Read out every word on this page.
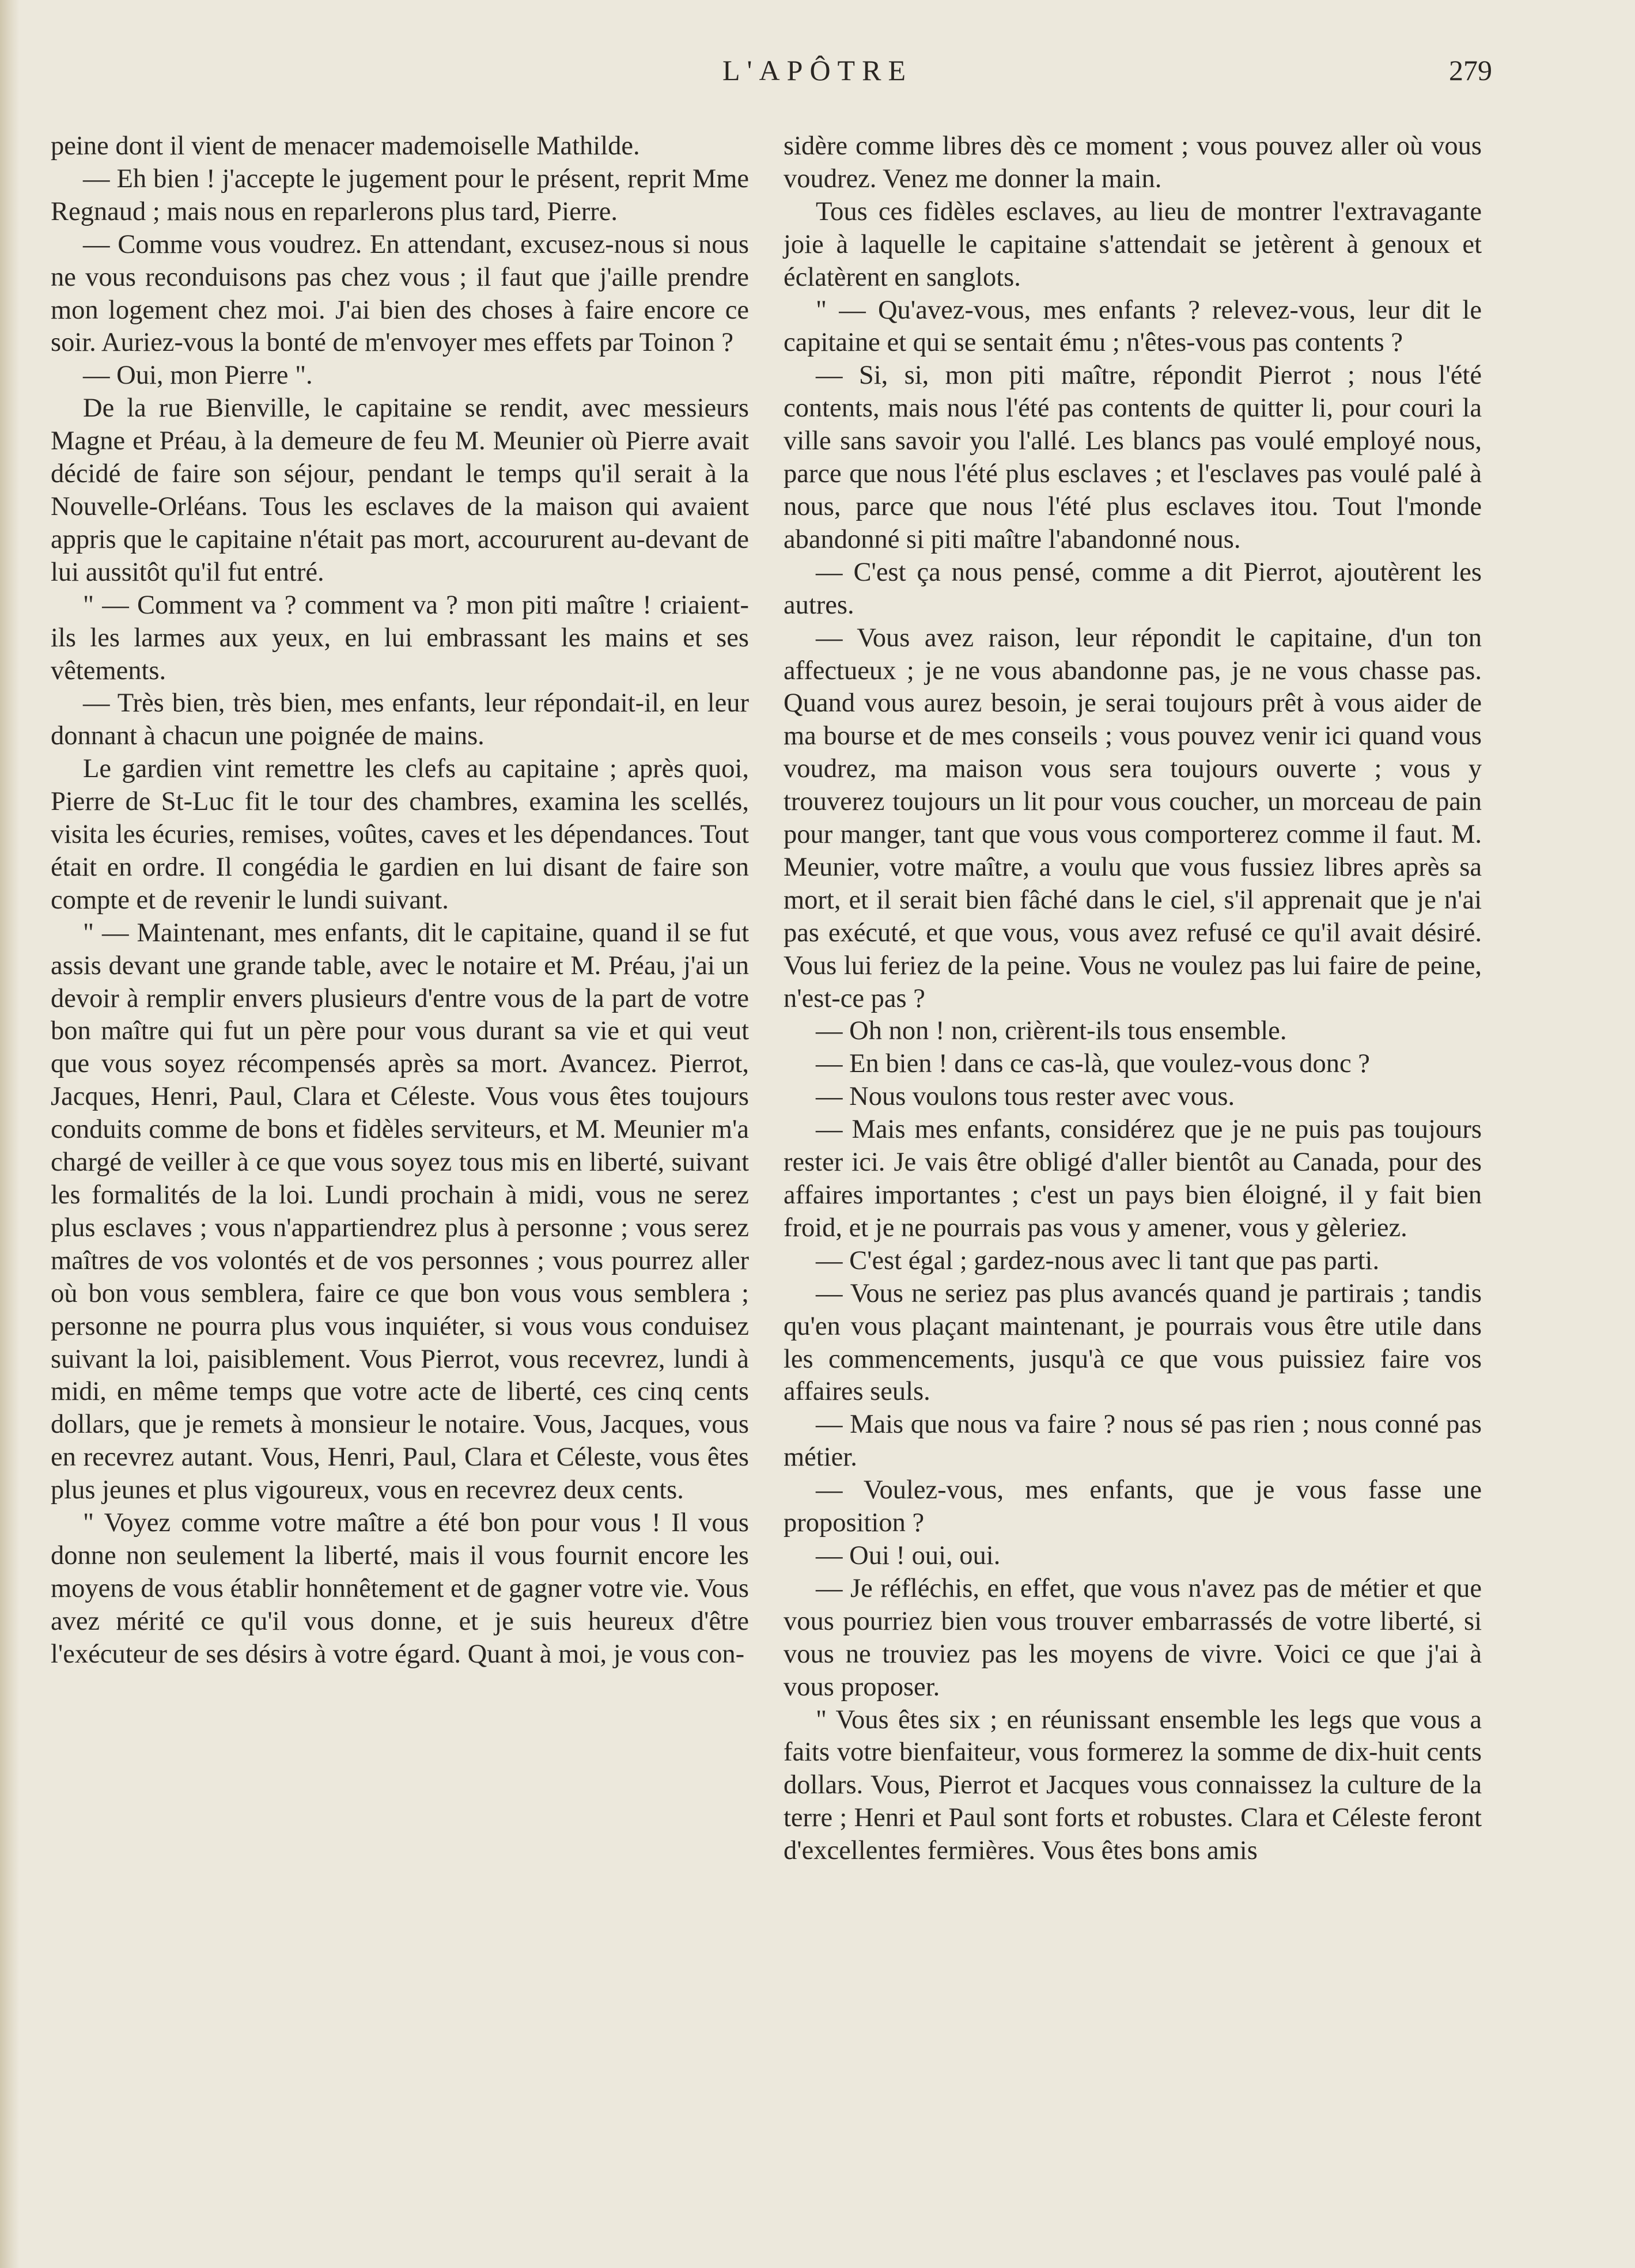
L'APÔTRE	279

peine dont il vient de menacer mademoiselle Mathilde.

— Eh bien ! j'accepte le jugement pour le présent, reprit Mme Regnaud ; mais nous en reparlerons plus tard, Pierre.

— Comme vous voudrez. En attendant, excusez-nous si nous ne vous reconduisons pas chez vous ; il faut que j'aille prendre mon logement chez moi. J'ai bien des choses à faire encore ce soir. Auriez-vous la bonté de m'envoyer mes effets par Toinon ?

— Oui, mon Pierre ".

De la rue Bienville, le capitaine se rendit, avec messieurs Magne et Préau, à la demeure de feu M. Meunier où Pierre avait décidé de faire son séjour, pendant le temps qu'il serait à la Nouvelle-Orléans. Tous les esclaves de la maison qui avaient appris que le capitaine n'était pas mort, accoururent au-devant de lui aussitôt qu'il fut entré.

" — Comment va ? comment va ? mon piti maître ! criaient-ils les larmes aux yeux, en lui embrassant les mains et ses vêtements.

— Très bien, très bien, mes enfants, leur répondait-il, en leur donnant à chacun une poignée de mains.

Le gardien vint remettre les clefs au capitaine ; après quoi, Pierre de St-Luc fit le tour des chambres, examina les scellés, visita les écuries, remises, voûtes, caves et les dépendances. Tout était en ordre. Il congédia le gardien en lui disant de faire son compte et de revenir le lundi suivant.

" — Maintenant, mes enfants, dit le capitaine, quand il se fut assis devant une grande table, avec le notaire et M. Préau, j'ai un devoir à remplir envers plusieurs d'entre vous de la part de votre bon maître qui fut un père pour vous durant sa vie et qui veut que vous soyez récompensés après sa mort. Avancez. Pierrot, Jacques, Henri, Paul, Clara et Céleste. Vous vous êtes toujours conduits comme de bons et fidèles serviteurs, et M. Meunier m'a chargé de veiller à ce que vous soyez tous mis en liberté, suivant les formalités de la loi. Lundi prochain à midi, vous ne serez plus esclaves ; vous n'appartiendrez plus à personne ; vous serez maîtres de vos volontés et de vos personnes ; vous pourrez aller où bon vous semblera, faire ce que bon vous vous semblera ; personne ne pourra plus vous inquiéter, si vous vous conduisez suivant la loi, paisiblement. Vous Pierrot, vous recevrez, lundi à midi, en même temps que votre acte de liberté, ces cinq cents dollars, que je remets à monsieur le notaire. Vous, Jacques, vous en recevrez autant. Vous, Henri, Paul, Clara et Céleste, vous êtes plus jeunes et plus vigoureux, vous en recevrez deux cents.

" Voyez comme votre maître a été bon pour vous ! Il vous donne non seulement la liberté, mais il vous fournit encore les moyens de vous établir honnêtement et de gagner votre vie. Vous avez mérité ce qu'il vous donne, et je suis heureux d'être l'exécuteur de ses désirs à votre égard. Quant à moi, je vous con-

sidère comme libres dès ce moment ; vous pouvez aller où vous voudrez. Venez me donner la main.

Tous ces fidèles esclaves, au lieu de montrer l'extravagante joie à laquelle le capitaine s'attendait se jetèrent à genoux et éclatèrent en sanglots.

" — Qu'avez-vous, mes enfants ? relevez-vous, leur dit le capitaine et qui se sentait ému ; n'êtes-vous pas contents ?

— Si, si, mon piti maître, répondit Pierrot ; nous l'été contents, mais nous l'été pas contents de quitter li, pour couri la ville sans savoir you l'allé. Les blancs pas voulé employé nous, parce que nous l'été plus esclaves ; et l'esclaves pas voulé palé à nous, parce que nous l'été plus esclaves itou. Tout l'monde abandonné si piti maître l'abandonné nous.

— C'est ça nous pensé, comme a dit Pierrot, ajoutèrent les autres.

— Vous avez raison, leur répondit le capitaine, d'un ton affectueux ; je ne vous abandonne pas, je ne vous chasse pas. Quand vous aurez besoin, je serai toujours prêt à vous aider de ma bourse et de mes conseils ; vous pouvez venir ici quand vous voudrez, ma maison vous sera toujours ouverte ; vous y trouverez toujours un lit pour vous coucher, un morceau de pain pour manger, tant que vous vous comporterez comme il faut. M. Meunier, votre maître, a voulu que vous fussiez libres après sa mort, et il serait bien fâché dans le ciel, s'il apprenait que je n'ai pas exécuté, et que vous, vous avez refusé ce qu'il avait désiré. Vous lui feriez de la peine. Vous ne voulez pas lui faire de peine, n'est-ce pas ?

— Oh non ! non, crièrent-ils tous ensemble.

— En bien ! dans ce cas-là, que voulez-vous donc ?

— Nous voulons tous rester avec vous.

— Mais mes enfants, considérez que je ne puis pas toujours rester ici. Je vais être obligé d'aller bientôt au Canada, pour des affaires importantes ; c'est un pays bien éloigné, il y fait bien froid, et je ne pourrais pas vous y amener, vous y gèleriez.

— C'est égal ; gardez-nous avec li tant que pas parti.

— Vous ne seriez pas plus avancés quand je partirais ; tandis qu'en vous plaçant maintenant, je pourrais vous être utile dans les commencements, jusqu'à ce que vous puissiez faire vos affaires seuls.

— Mais que nous va faire ? nous sé pas rien ; nous conné pas métier.

— Voulez-vous, mes enfants, que je vous fasse une proposition ?

— Oui ! oui, oui.

— Je réfléchis, en effet, que vous n'avez pas de métier et que vous pourriez bien vous trouver embarrassés de votre liberté, si vous ne trouviez pas les moyens de vivre. Voici ce que j'ai à vous proposer.

" Vous êtes six ; en réunissant ensemble les legs que vous a faits votre bienfaiteur, vous formerez la somme de dix-huit cents dollars. Vous, Pierrot et Jacques vous connaissez la culture de la terre ; Henri et Paul sont forts et robustes. Clara et Céleste feront d'excellentes fermières. Vous êtes bons amis
